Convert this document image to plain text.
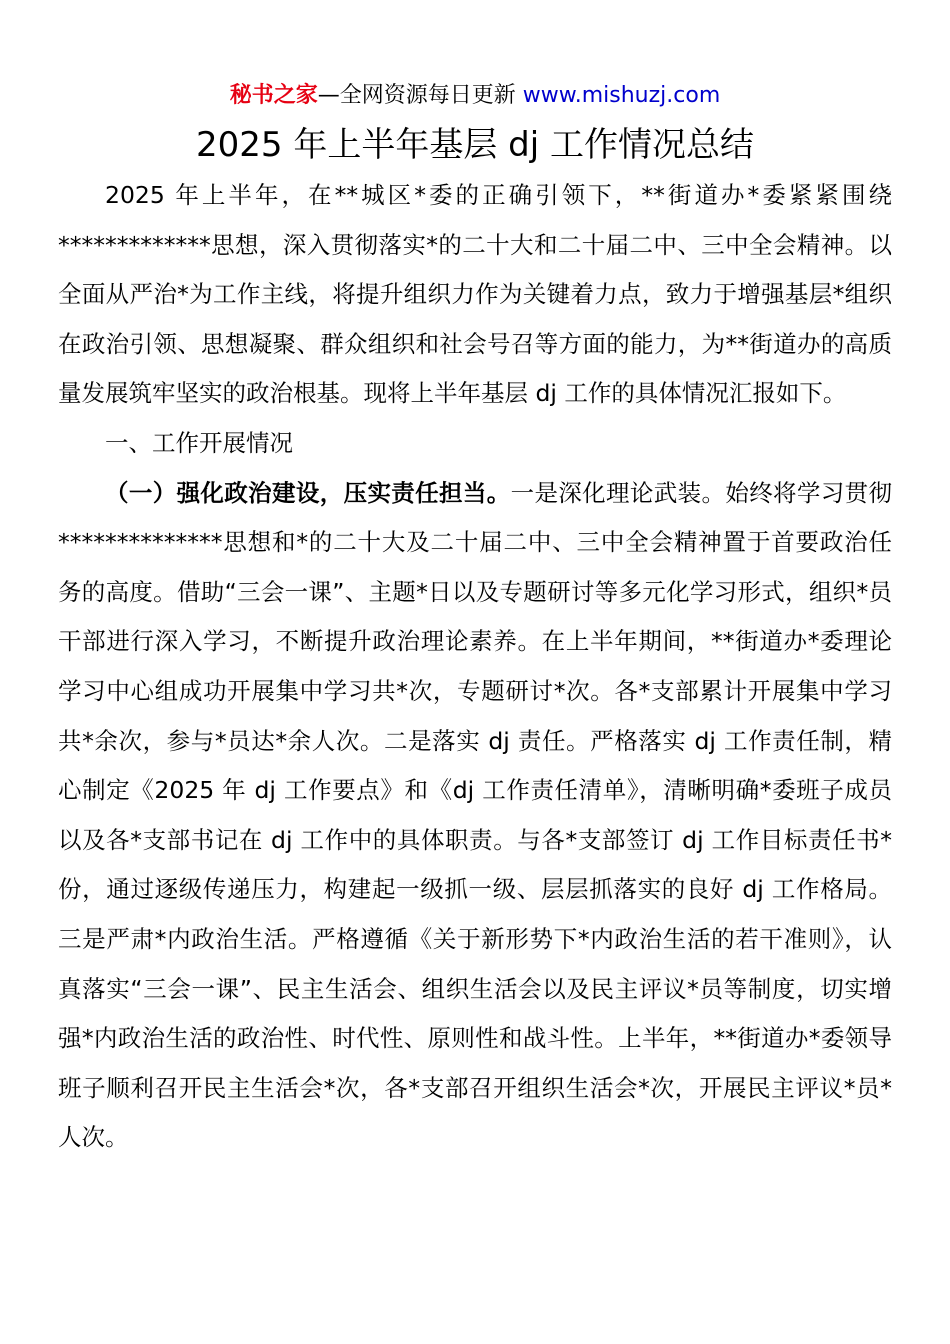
秘书之家—全网资源每日更新 www.mishuzj.com
2025 年上半年基层 dj 工作情况总结

2025 年上半年，在**城区*委的正确引领下，**街道办*委紧紧围绕*************思想，深入贯彻落实*的二十大和二十届二中、三中全会精神。以全面从严治*为工作主线，将提升组织力作为关键着力点，致力于增强基层*组织在政治引领、思想凝聚、群众组织和社会号召等方面的能力，为**街道办的高质量发展筑牢坚实的政治根基。现将上半年基层 dj 工作的具体情况汇报如下。

一、工作开展情况

（一）强化政治建设，压实责任担当。一是深化理论武装。始终将学习贯彻**************思想和*的二十大及二十届二中、三中全会精神置于首要政治任务的高度。借助“三会一课”、主题*日以及专题研讨等多元化学习形式，组织*员干部进行深入学习，不断提升政治理论素养。在上半年期间，**街道办*委理论学习中心组成功开展集中学习共*次，专题研讨*次。各*支部累计开展集中学习共*余次，参与*员达*余人次。二是落实 dj 责任。严格落实 dj 工作责任制，精心制定《2025 年 dj 工作要点》和《dj 工作责任清单》，清晰明确*委班子成员以及各*支部书记在 dj 工作中的具体职责。与各*支部签订 dj 工作目标责任书*份，通过逐级传递压力，构建起一级抓一级、层层抓落实的良好 dj 工作格局。三是严肃*内政治生活。严格遵循《关于新形势下*内政治生活的若干准则》，认真落实“三会一课”、民主生活会、组织生活会以及民主评议*员等制度，切实增强*内政治生活的政治性、时代性、原则性和战斗性。上半年，**街道办*委领导班子顺利召开民主生活会*次，各*支部召开组织生活会*次，开展民主评议*员*人次。
